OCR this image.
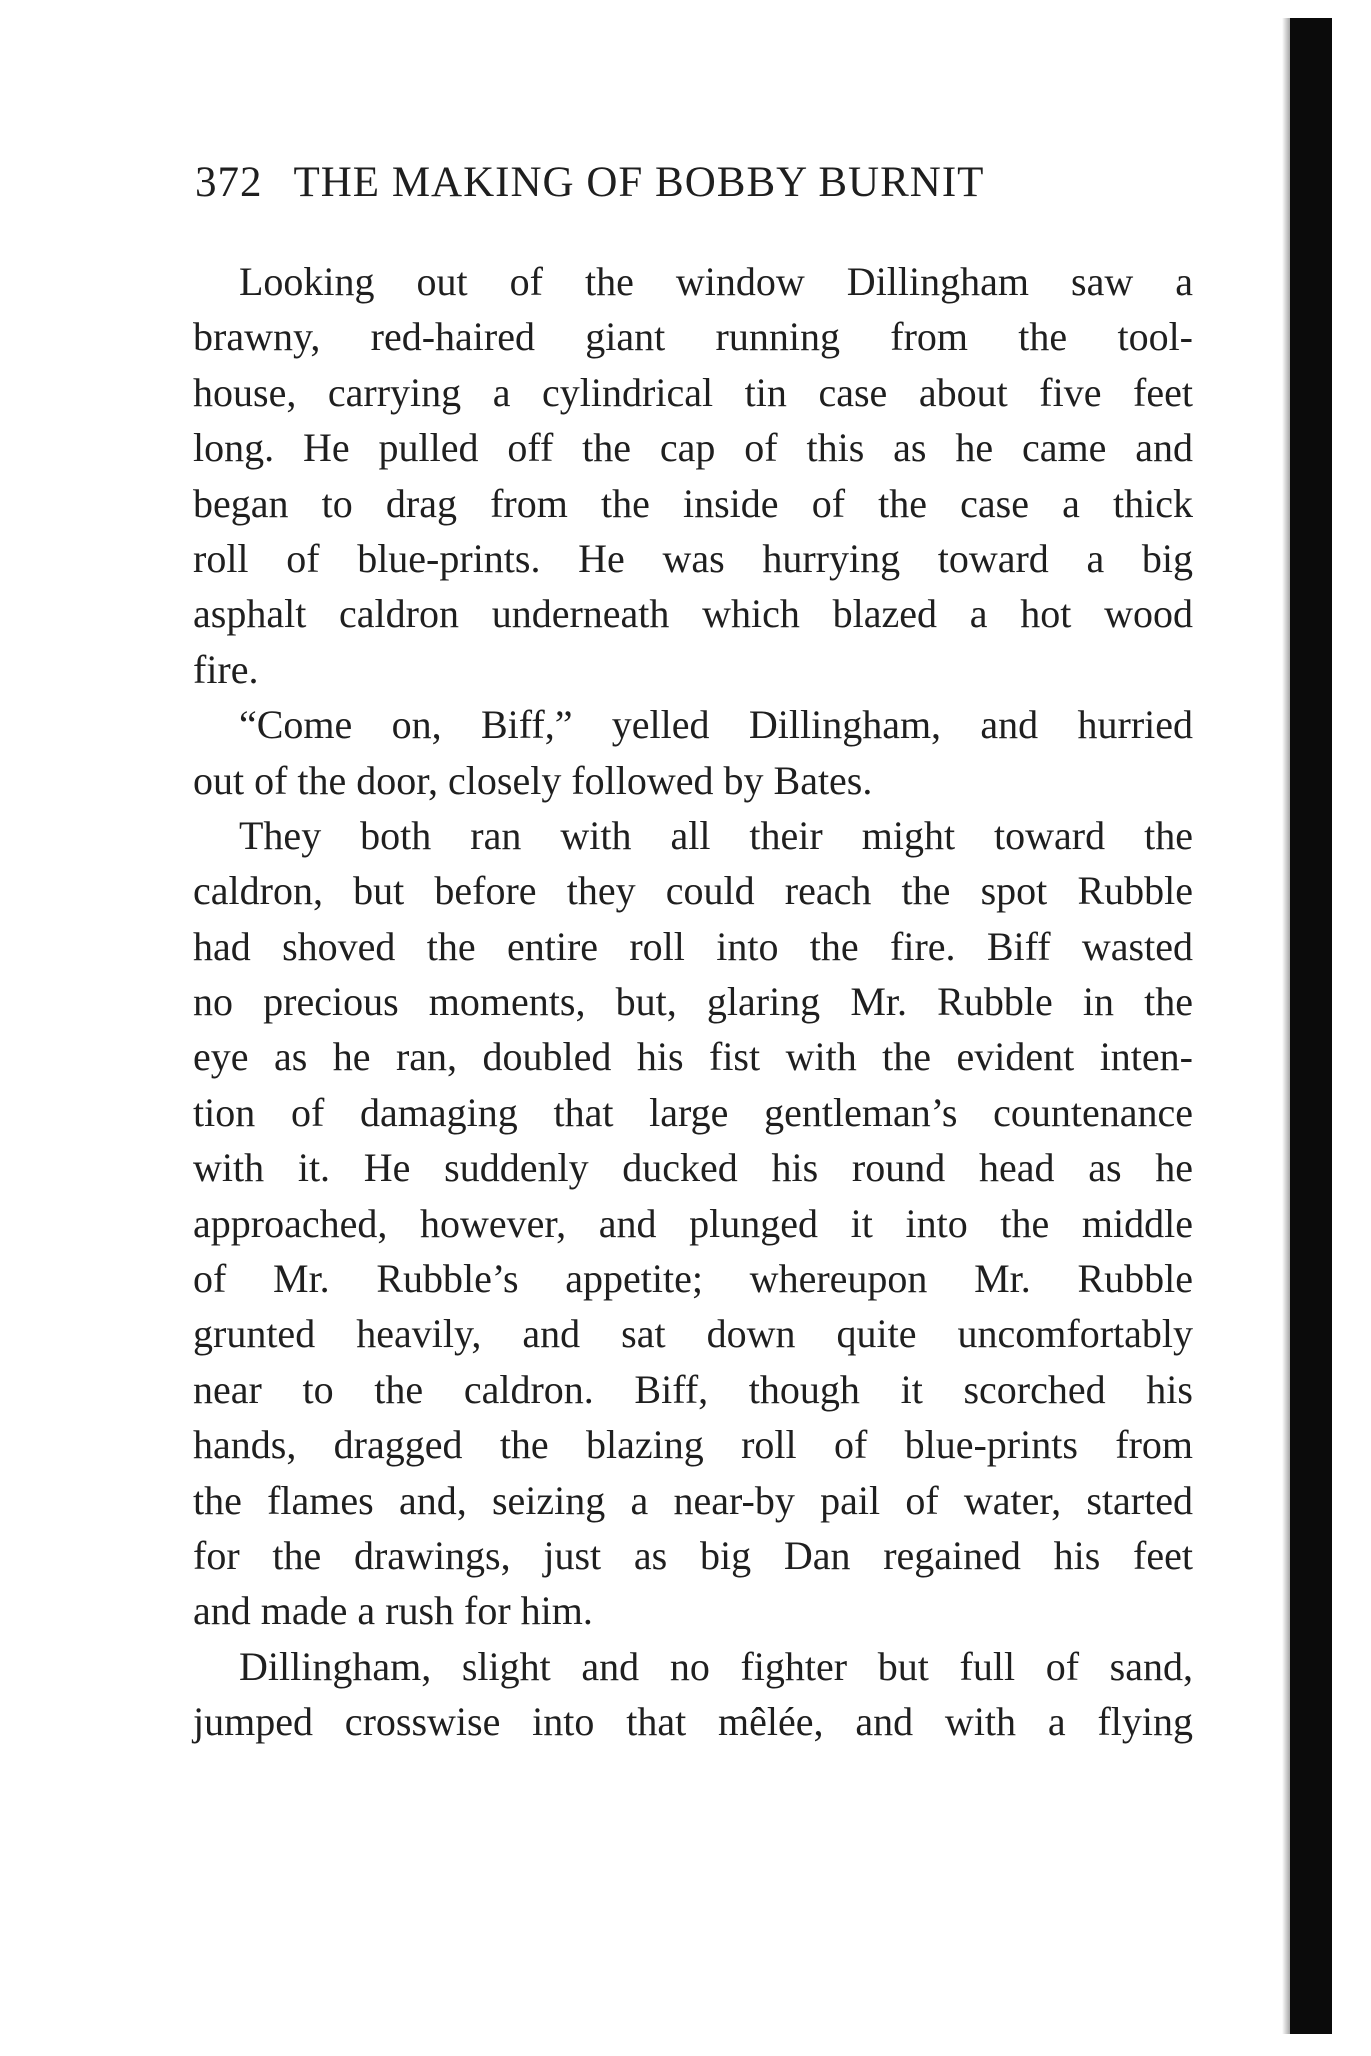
372 THE MAKING OF BOBBY BURNIT
Looking out of the window Dillingham saw a
brawny, red-haired giant running from the tool-
house, carrying a cylindrical tin case about five feet
long. He pulled off the cap of this as he came and
began to drag from the inside of the case a thick
roll of blue-prints. He was hurrying toward a big
asphalt caldron underneath which blazed a hot wood
fire.
“Come on, Biff,” yelled Dillingham, and hurried
out of the door, closely followed by Bates.
They both ran with all their might toward the
caldron, but before they could reach the spot Rubble
had shoved the entire roll into the fire. Biff wasted
no precious moments, but, glaring Mr. Rubble in the
eye as he ran, doubled his fist with the evident inten-
tion of damaging that large gentleman’s countenance
with it. He suddenly ducked his round head as he
approached, however, and plunged it into the middle
of Mr. Rubble’s appetite; whereupon Mr. Rubble
grunted heavily, and sat down quite uncomfortably
near to the caldron. Biff, though it scorched his
hands, dragged the blazing roll of blue-prints from
the flames and, seizing a near-by pail of water, started
for the drawings, just as big Dan regained his feet
and made a rush for him.
Dillingham, slight and no fighter but full of sand,
jumped crosswise into that mêlée, and with a flying
